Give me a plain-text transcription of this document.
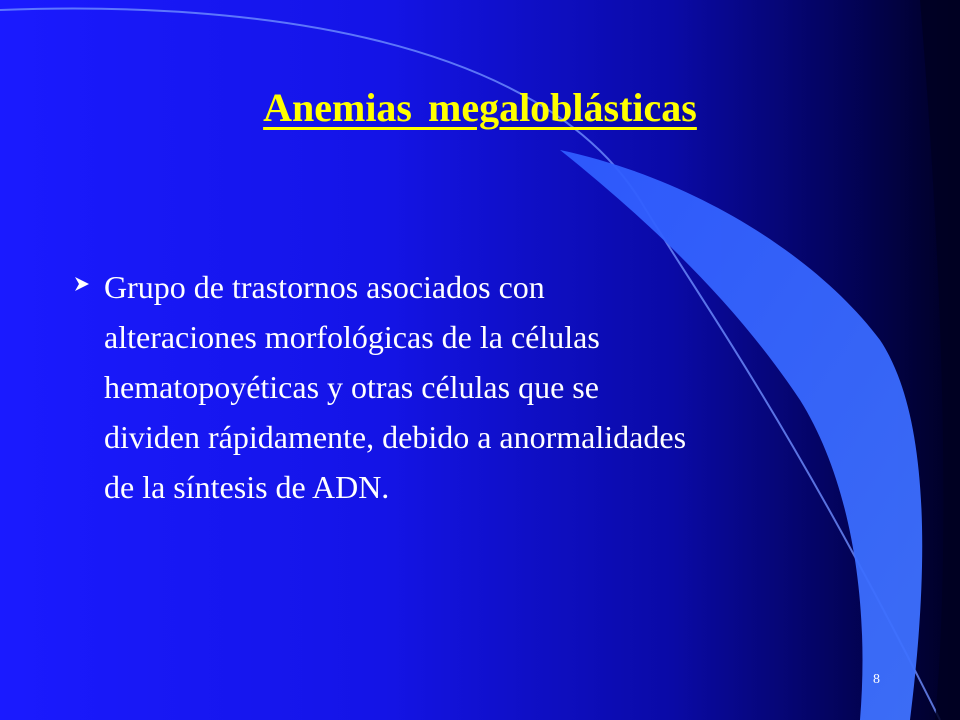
Anemias megaloblásticas

Grupo de trastornos asociados con
alteraciones morfológicas de la células
hematopoyéticas y otras células que se
dividen rápidamente, debido a anormalidades
de la síntesis de ADN.

8
